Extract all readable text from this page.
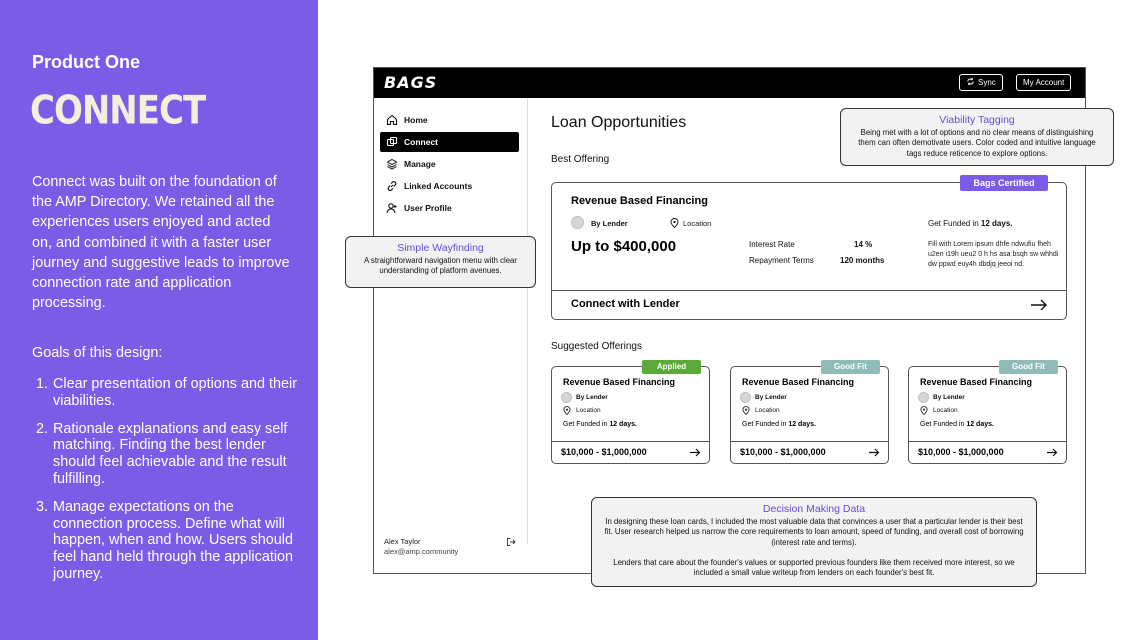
Product One
CONNECT
Connect was built on the foundation of the AMP Directory. We retained all the experiences users enjoyed and acted on, and combined it with a faster user journey and suggestive leads to improve connection rate and application processing.
Goals of this design:
1. Clear presentation of options and their viabilities.
2. Rationale explanations and easy self matching. Finding the best lender should feel achievable and the result fulfilling.
3. Manage expectations on the connection process. Define what will happen, when and how. Users should feel hand held through the application journey.
BAGS	Sync	My Account
Home
Connect
Manage
Linked Accounts
User Profile
Alex Taylor
alex@amp.community
Loan Opportunities
Best Offering
Bags Certified
Revenue Based Financing
By Lender	Location	Get Funded in 12 days.
Up to $400,000	Interest Rate	14 %
Repayment Terms	120 months
Fill with Lorem ipsum dhfe ndwufiu fheh u2en i19h ueu2 0 h hs asa bsqh sw whhdi dw ppwd euy4h dbdjq jeeoi nd.
Connect with Lender
Suggested Offerings
Applied
Revenue Based Financing
By Lender
Location
Get Funded in 12 days.
$10,000 - $1,000,000
Good Fit
Revenue Based Financing
By Lender
Location
Get Funded in 12 days.
$10,000 - $1,000,000
Good Fit
Revenue Based Financing
By Lender
Location
Get Funded in 12 days.
$10,000 - $1,000,000
Viability Tagging
Being met with a lot of options and no clear means of distinguishing them can often demotivate users. Color coded and intuitive language tags reduce reticence to explore options.
Simple Wayfinding
A straightforward navigation menu with clear understanding of platform avenues.
Decision Making Data
In designing these loan cards, I included the most valuable data that convinces a user that a particular lender is their best fit. User research helped us narrow the core requirements to loan amount, speed of funding, and overall cost of borrowing (interest rate and terms).
Lenders that care about the founder's values or supported previous founders like them received more interest, so we included a small value writeup from lenders on each founder's best fit.
